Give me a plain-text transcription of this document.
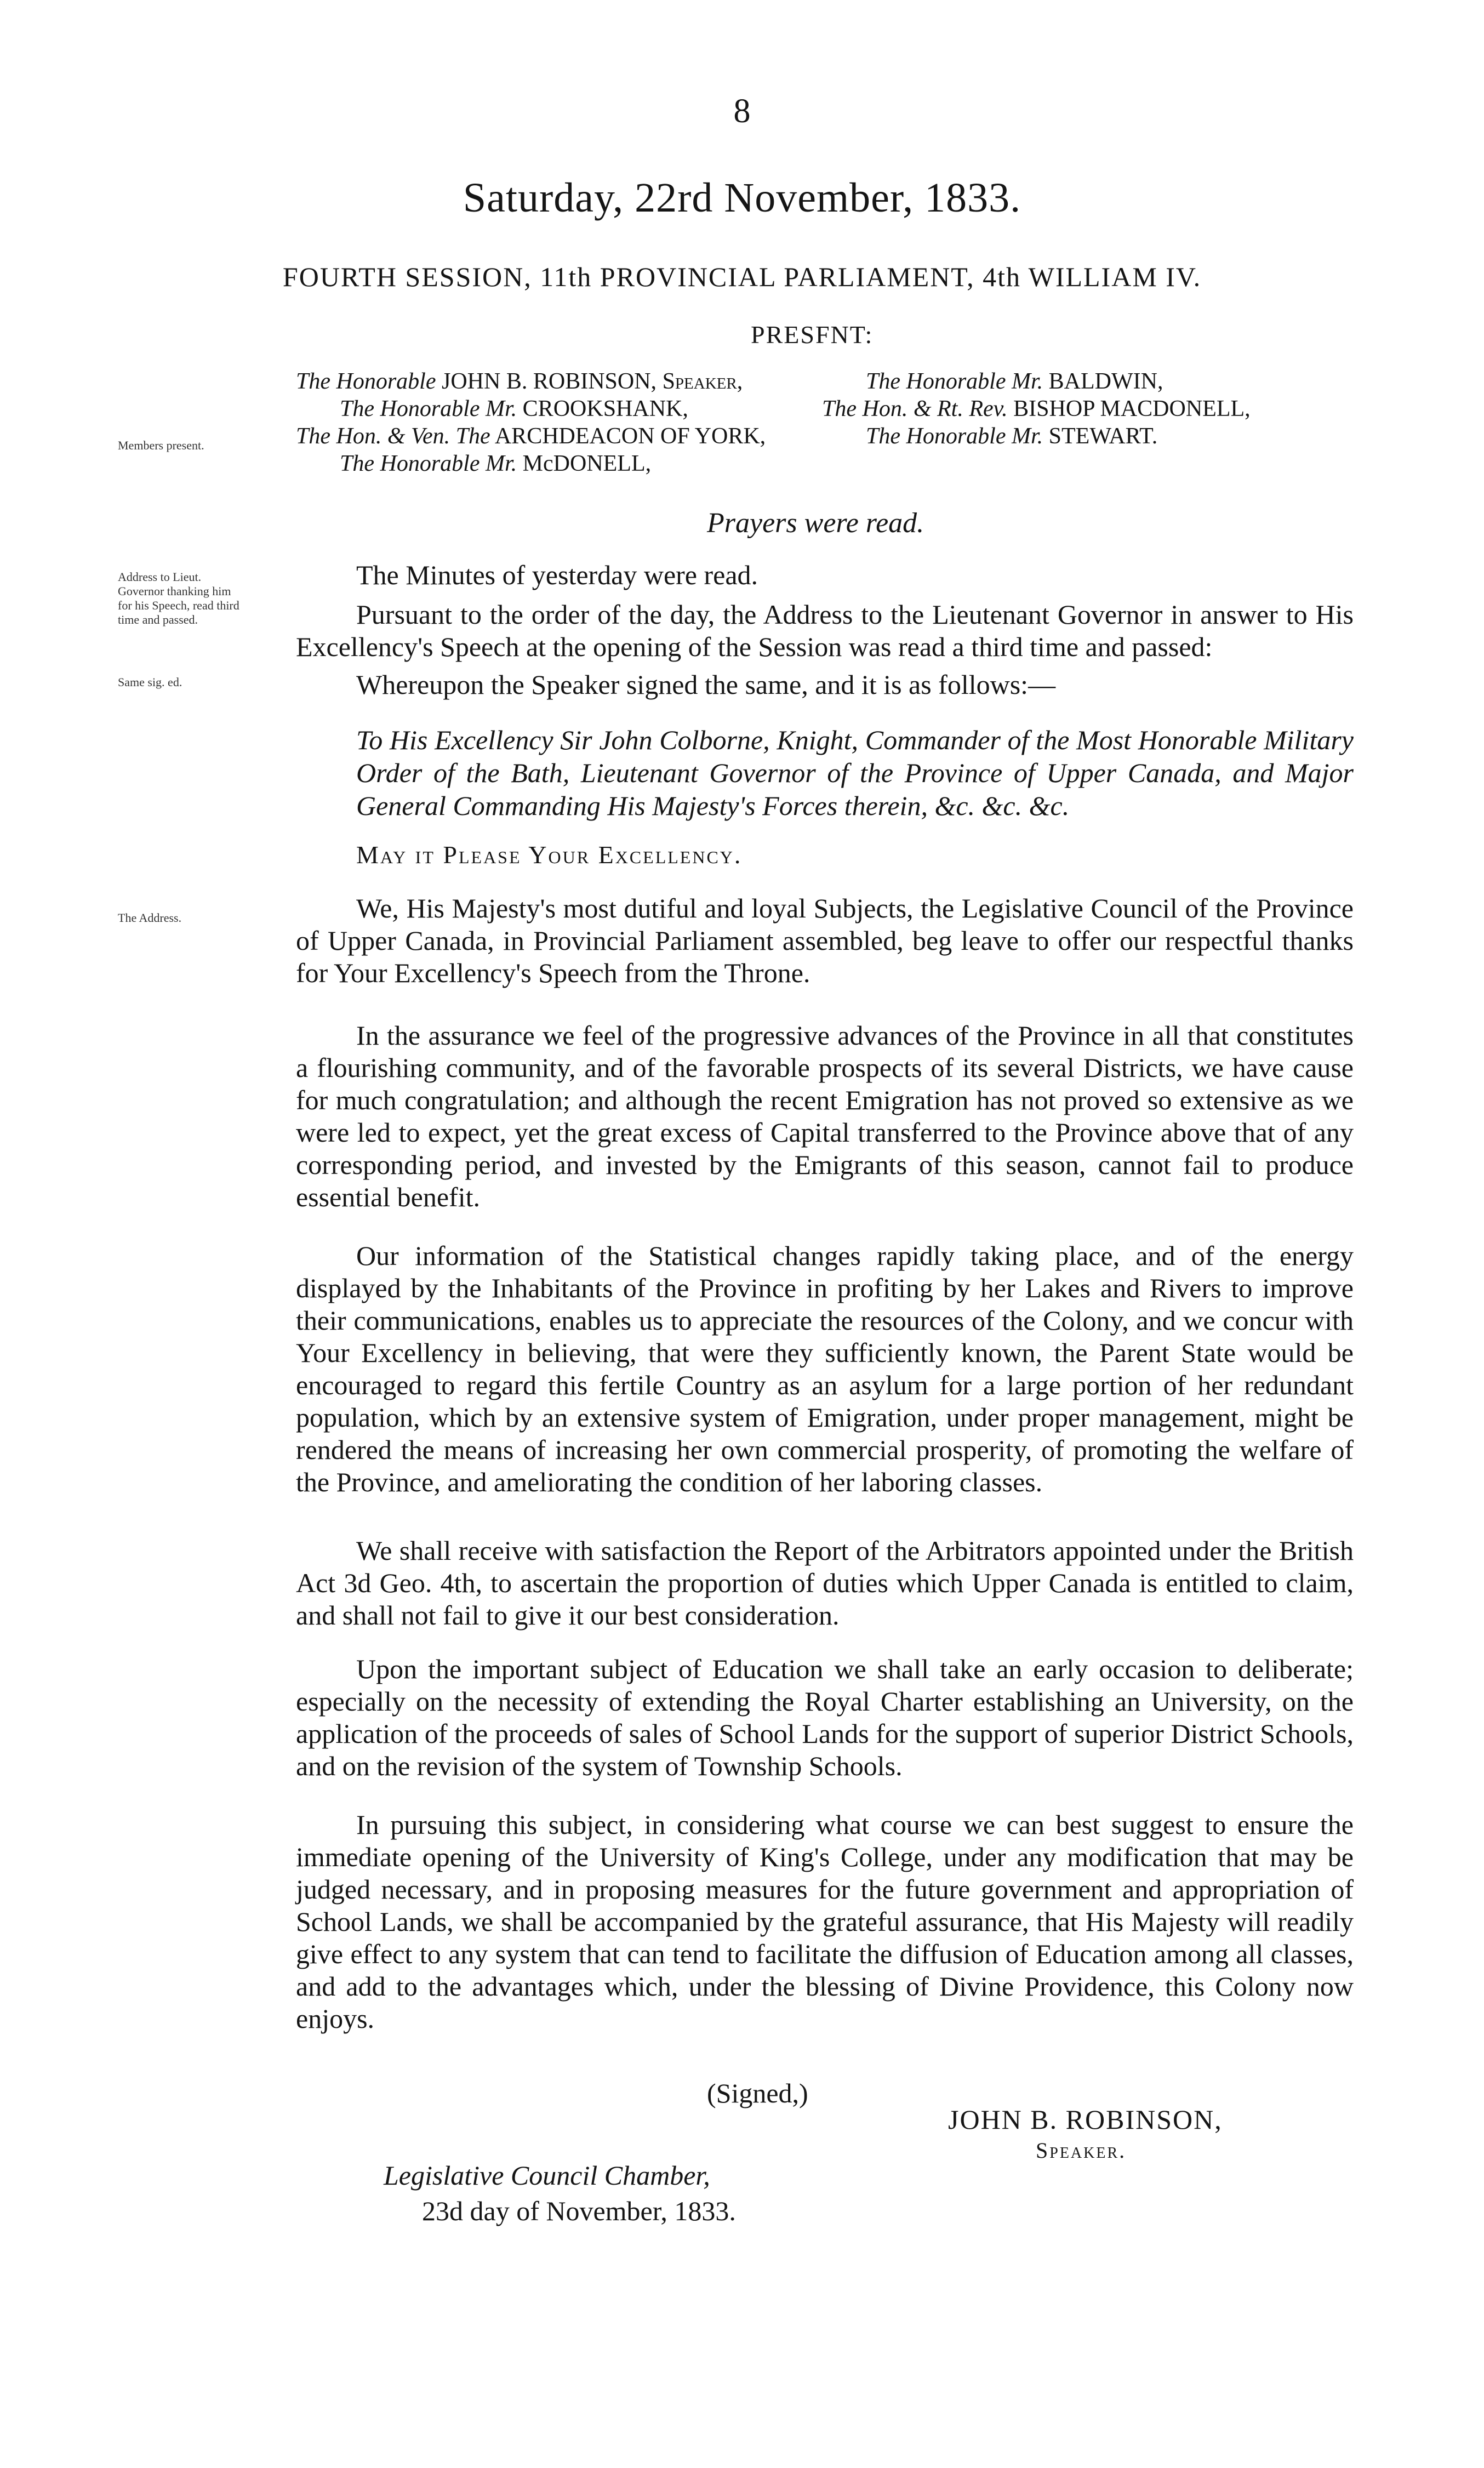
8
Saturday, 22rd November, 1833.
FOURTH SESSION, 11th PROVINCIAL PARLIAMENT, 4th WILLIAM IV.
PRESFNT:
The Honorable JOHN B. ROBINSON, Speaker,
The Honorable Mr. CROOKSHANK,
The Hon. & Ven. The ARCHDEACON OF YORK,
The Honorable Mr. McDONELL,
The Honorable Mr. BALDWIN,
The Hon. & Rt. Rev. BISHOP MACDONELL,
The Honorable Mr. STEWART.
Members present.
Address to Lieut. Governor thanking him for his Speech, read third time and passed.
Same sig. ed.
The Address.
Prayers were read.
The Minutes of yesterday were read.
Pursuant to the order of the day, the Address to the Lieutenant Governor in answer to His Excellency's Speech at the opening of the Session was read a third time and passed:
Whereupon the Speaker signed the same, and it is as follows:—
To His Excellency Sir John Colborne, Knight, Commander of the Most Honorable Military Order of the Bath, Lieutenant Governor of the Province of Upper Canada, and Major General Commanding His Majesty's Forces therein, &c. &c. &c.
May it Please Your Excellency.
We, His Majesty's most dutiful and loyal Subjects, the Legislative Council of the Province of Upper Canada, in Provincial Parliament assembled, beg leave to offer our respectful thanks for Your Excellency's Speech from the Throne.
In the assurance we feel of the progressive advances of the Province in all that constitutes a flourishing community, and of the favorable prospects of its several Districts, we have cause for much congratulation; and although the recent Emigration has not proved so extensive as we were led to expect, yet the great excess of Capital transferred to the Province above that of any corresponding period, and invested by the Emigrants of this season, cannot fail to produce essential benefit.
Our information of the Statistical changes rapidly taking place, and of the energy displayed by the Inhabitants of the Province in profiting by her Lakes and Rivers to improve their communications, enables us to appreciate the resources of the Colony, and we concur with Your Excellency in believing, that were they sufficiently known, the Parent State would be encouraged to regard this fertile Country as an asylum for a large portion of her redundant population, which by an extensive system of Emigration, under proper management, might be rendered the means of increasing her own commercial prosperity, of promoting the welfare of the Province, and ameliorating the condition of her laboring classes.
We shall receive with satisfaction the Report of the Arbitrators appointed under the British Act 3d Geo. 4th, to ascertain the proportion of duties which Upper Canada is entitled to claim, and shall not fail to give it our best consideration.
Upon the important subject of Education we shall take an early occasion to deliberate; especially on the necessity of extending the Royal Charter establishing an University, on the application of the proceeds of sales of School Lands for the support of superior District Schools, and on the revision of the system of Township Schools.
In pursuing this subject, in considering what course we can best suggest to ensure the immediate opening of the University of King's College, under any modification that may be judged necessary, and in proposing measures for the future government and appropriation of School Lands, we shall be accompanied by the grateful assurance, that His Majesty will readily give effect to any system that can tend to facilitate the diffusion of Education among all classes, and add to the advantages which, under the blessing of Divine Providence, this Colony now enjoys.
(Signed,)
JOHN B. ROBINSON,
Speaker.
Legislative Council Chamber,
23d day of November, 1833.
